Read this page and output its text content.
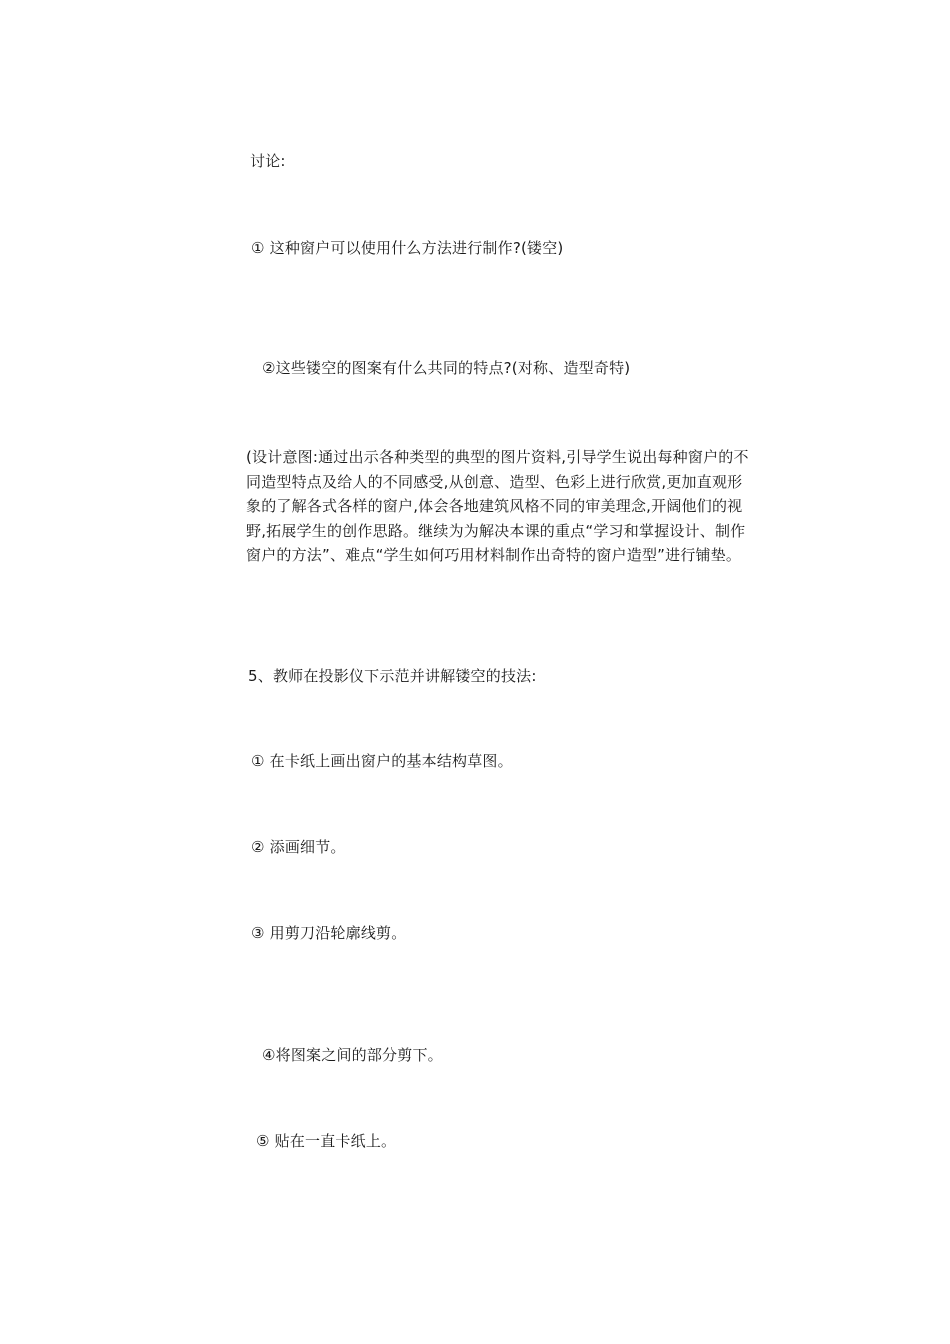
讨论:
① 这种窗户可以使用什么方法进行制作?(镂空)
②这些镂空的图案有什么共同的特点?(对称、造型奇特)
(设计意图:通过出示各种类型的典型的图片资料,引导学生说出每种窗户的不
同造型特点及给人的不同感受,从创意、造型、色彩上进行欣赏,更加直观形
象的了解各式各样的窗户,体会各地建筑风格不同的审美理念,开阔他们的视
野,拓展学生的创作思路。继续为为解决本课的重点“学习和掌握设计、制作
窗户的方法”、难点“学生如何巧用材料制作出奇特的窗户造型”进行铺垫。
5、教师在投影仪下示范并讲解镂空的技法:
① 在卡纸上画出窗户的基本结构草图。
② 添画细节。
③ 用剪刀沿轮廓线剪。
④将图案之间的部分剪下。
⑤ 贴在一直卡纸上。
